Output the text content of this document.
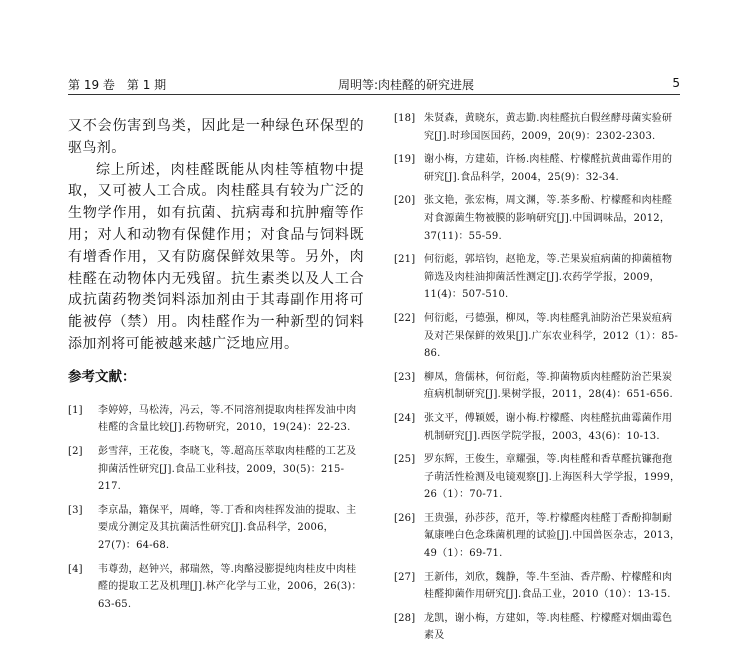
第 19 卷　第 1 期	周明等:肉桂醛的研究进展	5

又不会伤害到鸟类，因此是一种绿色环保型的驱鸟剂。

综上所述，肉桂醛既能从肉桂等植物中提取，又可被人工合成。肉桂醛具有较为广泛的生物学作用，如有抗菌、抗病毒和抗肿瘤等作用；对人和动物有保健作用；对食品与饲料既有增香作用，又有防腐保鲜效果等。另外，肉桂醛在动物体内无残留。抗生素类以及人工合成抗菌药物类饲料添加剂由于其毒副作用将可能被停（禁）用。肉桂醛作为一种新型的饲料添加剂将可能被越来越广泛地应用。

参考文献：
[1] 李婷婷，马松涛，冯云，等.不同溶剂提取肉桂挥发油中肉桂醛的含量比较[J].药物研究，2010，19(24)：22-23.
[2] 彭雪萍，王花俊，李晓飞，等.超高压萃取肉桂醛的工艺及抑菌活性研究[J].食品工业科技，2009，30(5)：215-217.
[3] 李京晶，籍保平，周峰，等.丁香和肉桂挥发油的提取、主要成分测定及其抗菌活性研究[J].食品科学，2006，27(7)：64-68.
[4] 韦尊劲，赵钟兴，郝瑞然，等.肉酪浸膨提纯肉桂皮中肉桂醛的提取工艺及机理[J].林产化学与工业，2006，26(3)：63-65.
[18] 朱贤森，黄晓东，黄志勤.肉桂醛抗白假丝酵母菌实验研究[J].时珍国医国药，2009，20(9)：2302-2303.
[19] 谢小梅，方建茹，许杨.肉桂醛、柠檬醛抗黄曲霉作用的研究[J].食品科学，2004，25(9)：32-34.
[20] 张文艳，张宏梅，周文渊，等.茶多酚、柠檬醛和肉桂醛对食源菌生物被膜的影响研究[J].中国调味品，2012，37(11)：55-59.
[21] 何衍彪，郭培钧，赵艳龙，等.芒果炭疽病菌的抑菌植物筛选及肉桂油抑菌活性测定[J].农药学学报，2009，11(4)：507-510.
[22] 何衍彪，弓德强，柳凤，等.肉桂醛乳油防治芒果炭疽病及对芒果保鲜的效果[J].广东农业科学，2012（1）：85-86.
[23] 柳凤，詹儒林，何衍彪，等.抑菌物质肉桂醛防治芒果炭疽病机制研究[J].果树学报，2011，28(4)：651-656.
[24] 张文平，傅颖媛，谢小梅.柠檬醛、肉桂醛抗曲霉菌作用机制研究[J].西医学院学报，2003，43(6)：10-13.
[25] 罗东辉，王俊生，章耀强，等.肉桂醛和香草醛抗镰孢孢子萌活性检测及电镜观察[J].上海医科大学学报，1999，26（1）：70-71.
[26] 王贵强，孙莎莎，范开，等.柠檬醛肉桂醛丁香酚抑制耐氟康唑白色念珠菌机理的试验[J].中国兽医杂志，2013，49（1）：69-71.
[27] 王新伟，刘欣，魏静，等.牛至油、香芹酚、柠檬醛和肉桂醛抑菌作用研究[J].食品工业，2010（10）：13-15.
[28] 龙凯，谢小梅，方建如，等.肉桂醛、柠檬醛对烟曲霉色素及
